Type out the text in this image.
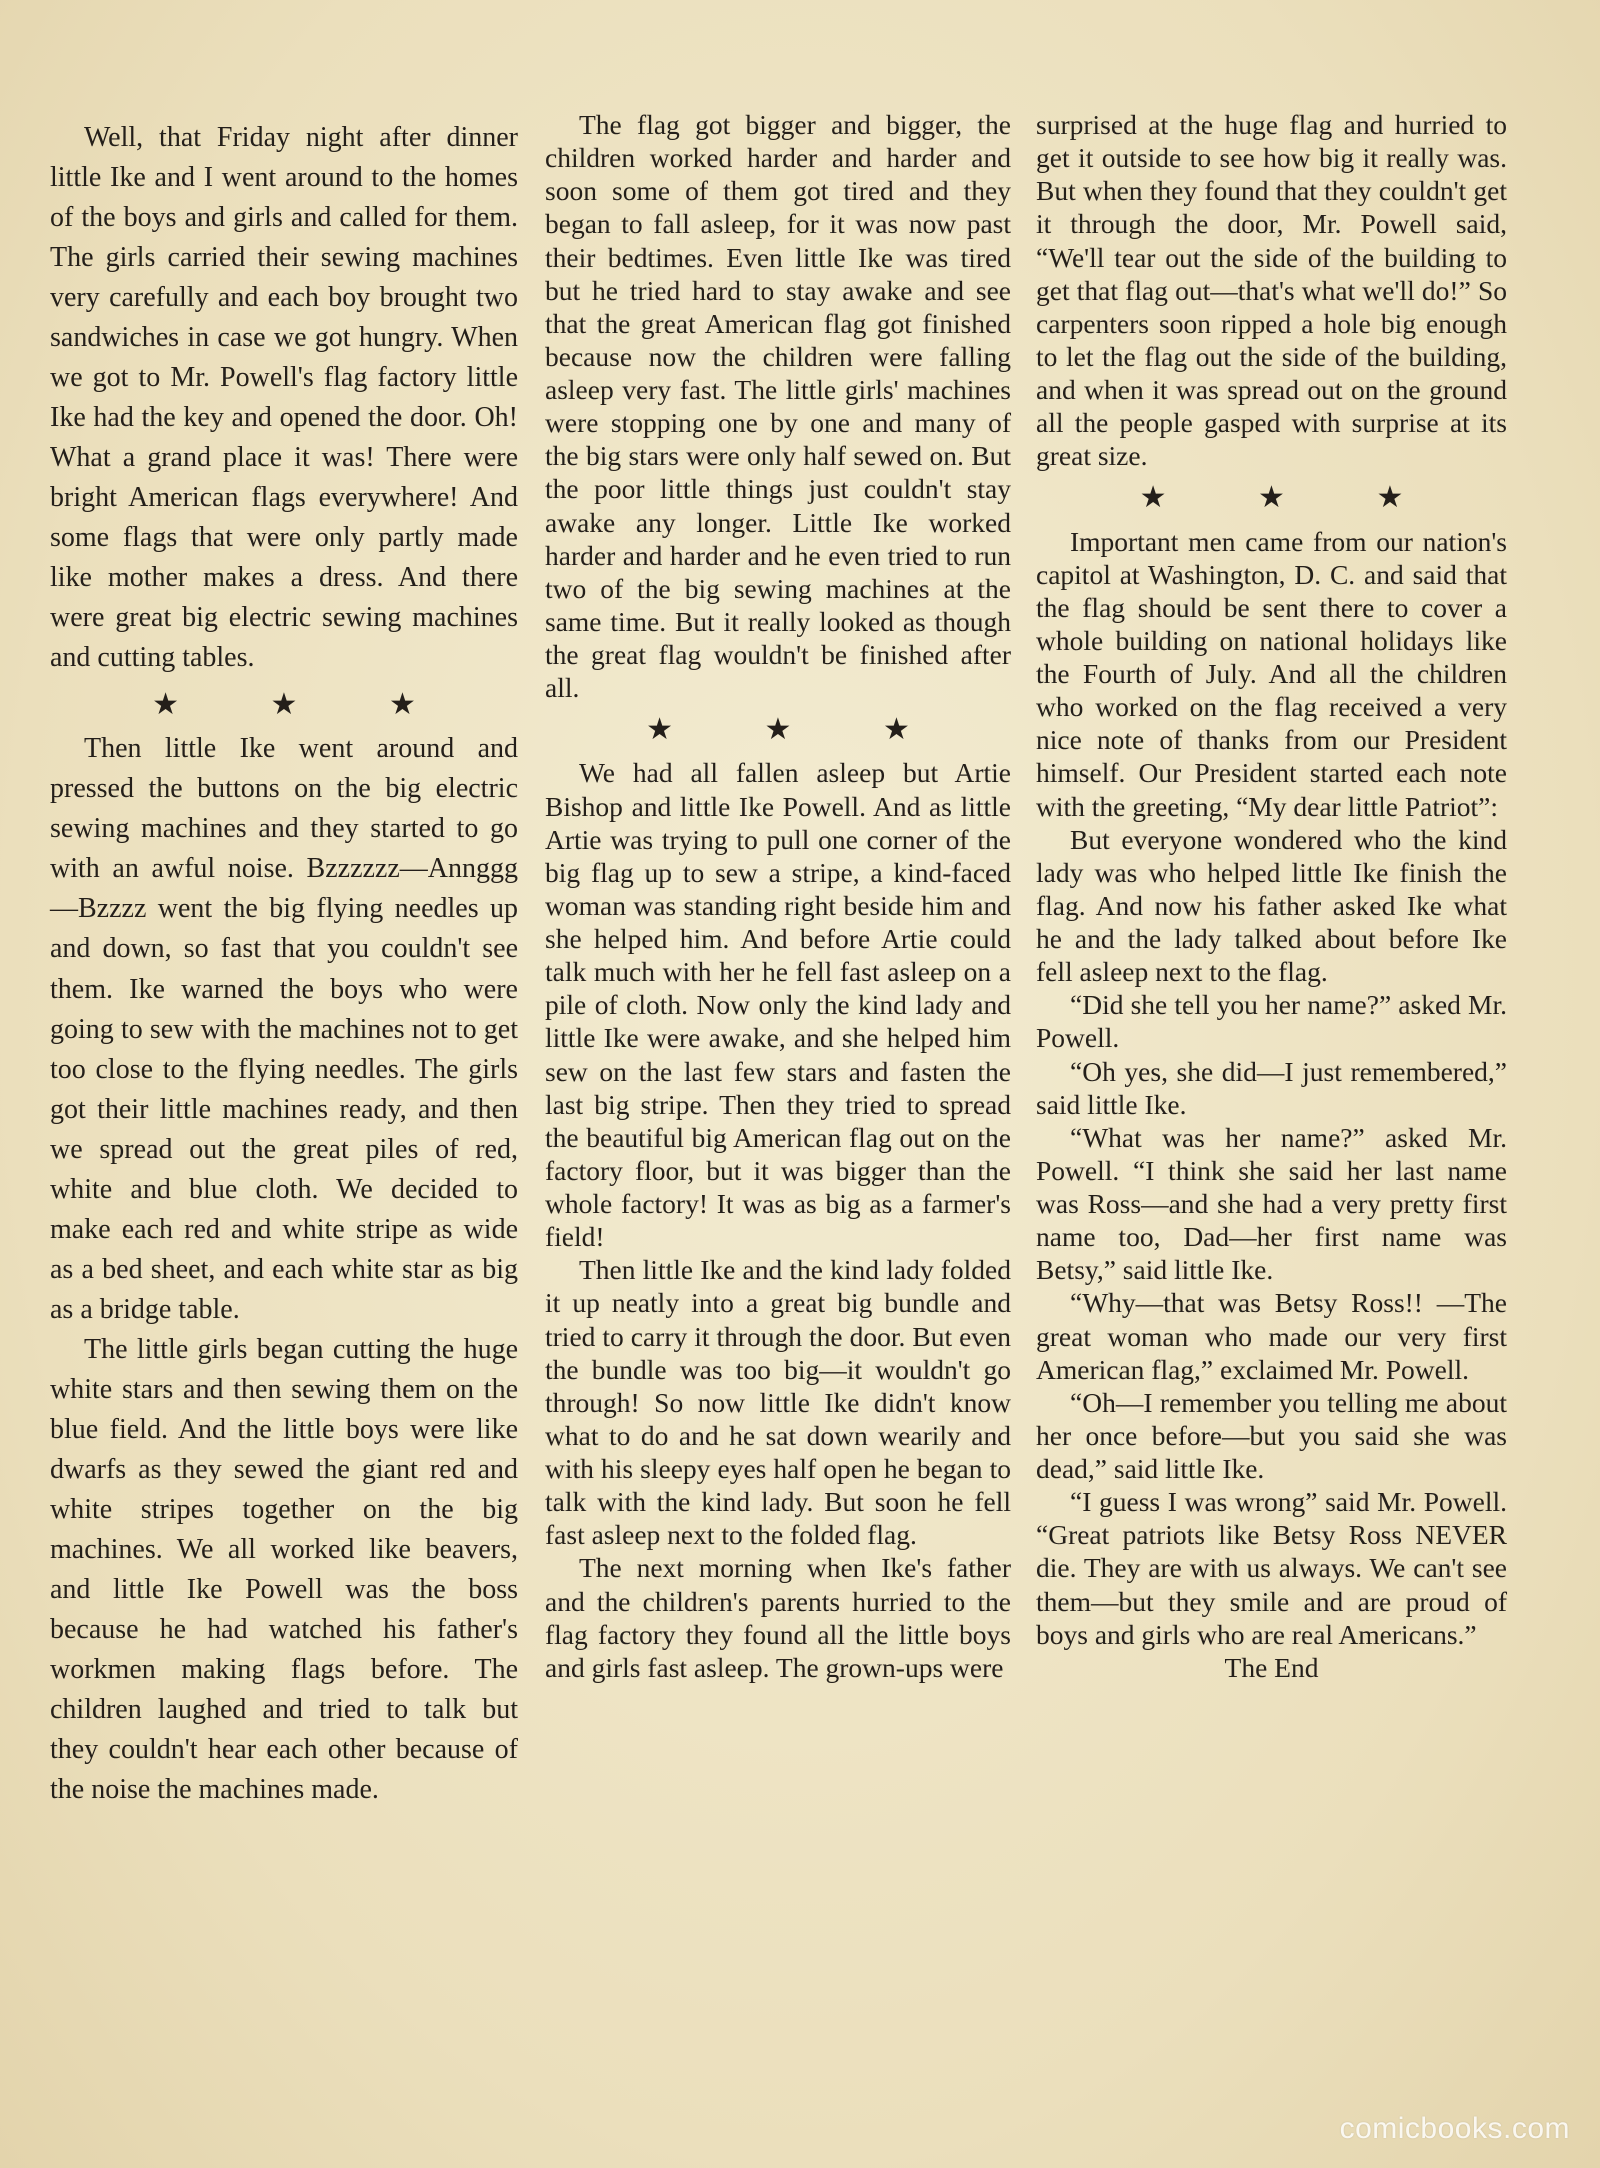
Well, that Friday night after dinner little Ike and I went around to the homes of the boys and girls and called for them. The girls carried their sewing machines very carefully and each boy brought two sandwiches in case we got hungry. When we got to Mr. Powell's flag factory little Ike had the key and opened the door. Oh! What a grand place it was! There were bright American flags everywhere! And some flags that were only partly made like mother makes a dress. And there were great big electric sewing machines and cutting tables.

★ ★ ★

Then little Ike went around and pressed the buttons on the big electric sewing machines and they started to go with an awful noise. Bzzzzzz—Annggg—Bzzzz went the big flying needles up and down, so fast that you couldn't see them. Ike warned the boys who were going to sew with the machines not to get too close to the flying needles. The girls got their little machines ready, and then we spread out the great piles of red, white and blue cloth. We decided to make each red and white stripe as wide as a bed sheet, and each white star as big as a bridge table.

The little girls began cutting the huge white stars and then sewing them on the blue field. And the little boys were like dwarfs as they sewed the giant red and white stripes together on the big machines. We all worked like beavers, and little Ike Powell was the boss because he had watched his father's workmen making flags before. The children laughed and tried to talk but they couldn't hear each other because of the noise the machines made.

The flag got bigger and bigger, the children worked harder and harder and soon some of them got tired and they began to fall asleep, for it was now past their bedtimes. Even little Ike was tired but he tried hard to stay awake and see that the great American flag got finished because now the children were falling asleep very fast. The little girls' machines were stopping one by one and many of the big stars were only half sewed on. But the poor little things just couldn't stay awake any longer. Little Ike worked harder and harder and he even tried to run two of the big sewing machines at the same time. But it really looked as though the great flag wouldn't be finished after all.

★ ★ ★

We had all fallen asleep but Artie Bishop and little Ike Powell. And as little Artie was trying to pull one corner of the big flag up to sew a stripe, a kind-faced woman was standing right beside him and she helped him. And before Artie could talk much with her he fell fast asleep on a pile of cloth. Now only the kind lady and little Ike were awake, and she helped him sew on the last few stars and fasten the last big stripe. Then they tried to spread the beautiful big American flag out on the factory floor, but it was bigger than the whole factory! It was as big as a farmer's field!

Then little Ike and the kind lady folded it up neatly into a great big bundle and tried to carry it through the door. But even the bundle was too big—it wouldn't go through! So now little Ike didn't know what to do and he sat down wearily and with his sleepy eyes half open he began to talk with the kind lady. But soon he fell fast asleep next to the folded flag.

The next morning when Ike's father and the children's parents hurried to the flag factory they found all the little boys and girls fast asleep. The grown-ups were

surprised at the huge flag and hurried to get it outside to see how big it really was. But when they found that they couldn't get it through the door, Mr. Powell said, “We'll tear out the side of the building to get that flag out—that's what we'll do!” So carpenters soon ripped a hole big enough to let the flag out the side of the building, and when it was spread out on the ground all the people gasped with surprise at its great size.

★ ★ ★

Important men came from our nation's capitol at Washington, D. C. and said that the flag should be sent there to cover a whole building on national holidays like the Fourth of July. And all the children who worked on the flag received a very nice note of thanks from our President himself. Our President started each note with the greeting, “My dear little Patriot”:

But everyone wondered who the kind lady was who helped little Ike finish the flag. And now his father asked Ike what he and the lady talked about before Ike fell asleep next to the flag.

“Did she tell you her name?” asked Mr. Powell.

“Oh yes, she did—I just remembered,” said little Ike.

“What was her name?” asked Mr. Powell. “I think she said her last name was Ross—and she had a very pretty first name too, Dad—her first name was Betsy,” said little Ike.

“Why—that was Betsy Ross!! —The great woman who made our very first American flag,” exclaimed Mr. Powell.

“Oh—I remember you telling me about her once before—but you said she was dead,” said little Ike.

“I guess I was wrong” said Mr. Powell. “Great patriots like Betsy Ross NEVER die. They are with us always. We can't see them—but they smile and are proud of boys and girls who are real Americans.”

The End

comicbooks.com
